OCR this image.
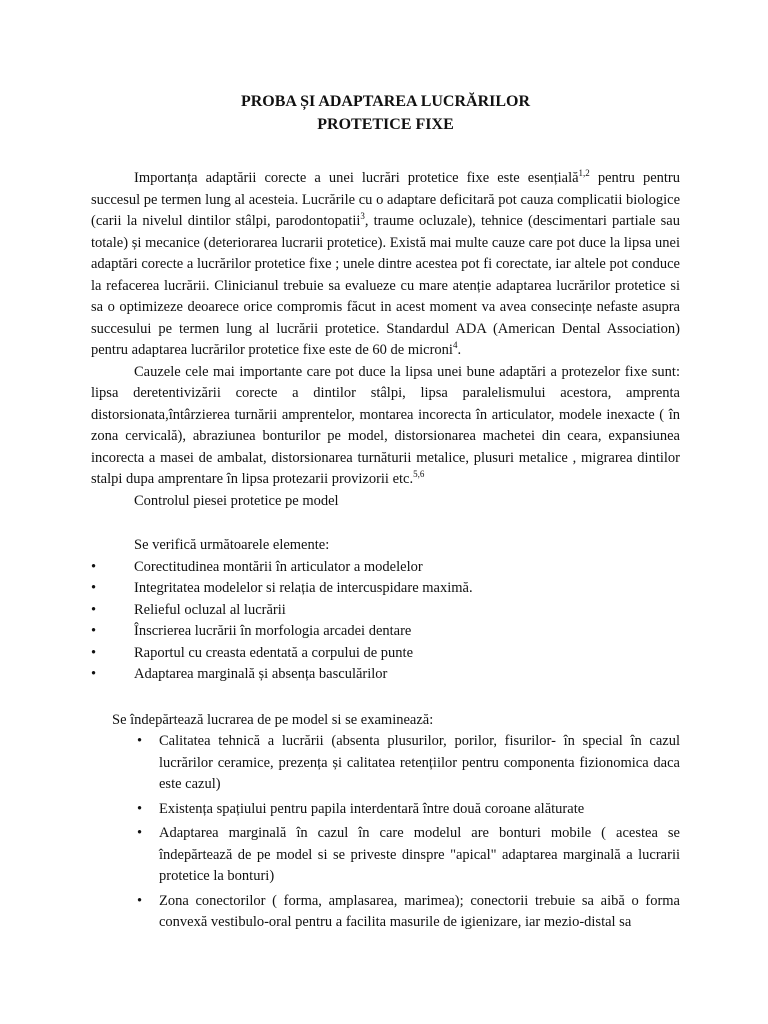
PROBA ȘI ADAPTAREA LUCRĂRILOR
PROTETICE FIXE

Importanța adaptării corecte a unei lucrări protetice fixe este esențială$^{1,2}$ pentru pentru succesul pe termen lung al acesteia. Lucrările cu o adaptare deficitară pot cauza complicatii biologice (carii la nivelul dintilor stâlpi, parodontopatii$^3$, traume ocluzale), tehnice (descimentari partiale sau totale) și mecanice (deteriorarea lucrarii protetice). Există mai multe cauze care pot duce la lipsa unei adaptări corecte a lucrărilor protetice fixe ; unele dintre acestea pot fi corectate, iar altele pot conduce la refacerea lucrării. Clinicianul trebuie sa evalueze cu mare atenție adaptarea lucrărilor protetice si sa o optimizeze deoarece orice compromis făcut in acest moment va avea consecințe nefaste asupra succesului pe termen lung al lucrării protetice. Standardul ADA (American Dental Association) pentru adaptarea lucrărilor protetice fixe este de 60 de microni$^4$.

Cauzele cele mai importante care pot duce la lipsa unei bune adaptări a protezelor fixe sunt: lipsa deretentivizării corecte a dintilor stâlpi, lipsa paralelismului acestora, amprenta distorsionata,întârzierea turnării amprentelor, montarea incorecta în articulator, modele inexacte ( în zona cervicală), abraziunea bonturilor pe model, distorsionarea machetei din ceara, expansiunea incorecta a masei de ambalat, distorsionarea turnăturii metalice, plusuri metalice , migrarea dintilor stalpi dupa amprentare în lipsa protezarii provizorii etc.$^{5,6}$

Controlul piesei protetice pe model

Se verifică următoarele elemente:

• Corectitudinea montării în articulator a modelelor
• Integritatea modelelor si relația de intercuspidare maximă.
• Relieful ocluzal al lucrării
• Înscrierea lucrării în morfologia arcadei dentare
• Raportul cu creasta edentată a corpului de punte
• Adaptarea marginală și absența basculărilor

Se îndepărtează lucrarea de pe model si se examinează:

• Calitatea tehnică a lucrării (absenta plusurilor, porilor, fisurilor- în special în cazul lucrărilor ceramice, prezența și calitatea retențiilor pentru componenta fizionomica daca este cazul)
• Existența spațiului pentru papila interdentară între două coroane alăturate
• Adaptarea marginală în cazul în care modelul are bonturi mobile ( acestea se îndepărtează de pe model si se priveste dinspre "apical" adaptarea marginală a lucrarii protetice la bonturi)
• Zona conectorilor ( forma, amplasarea, marimea); conectorii trebuie sa aibă o forma convexă vestibulo-oral pentru a facilita masurile de igienizare, iar mezio-distal sa
